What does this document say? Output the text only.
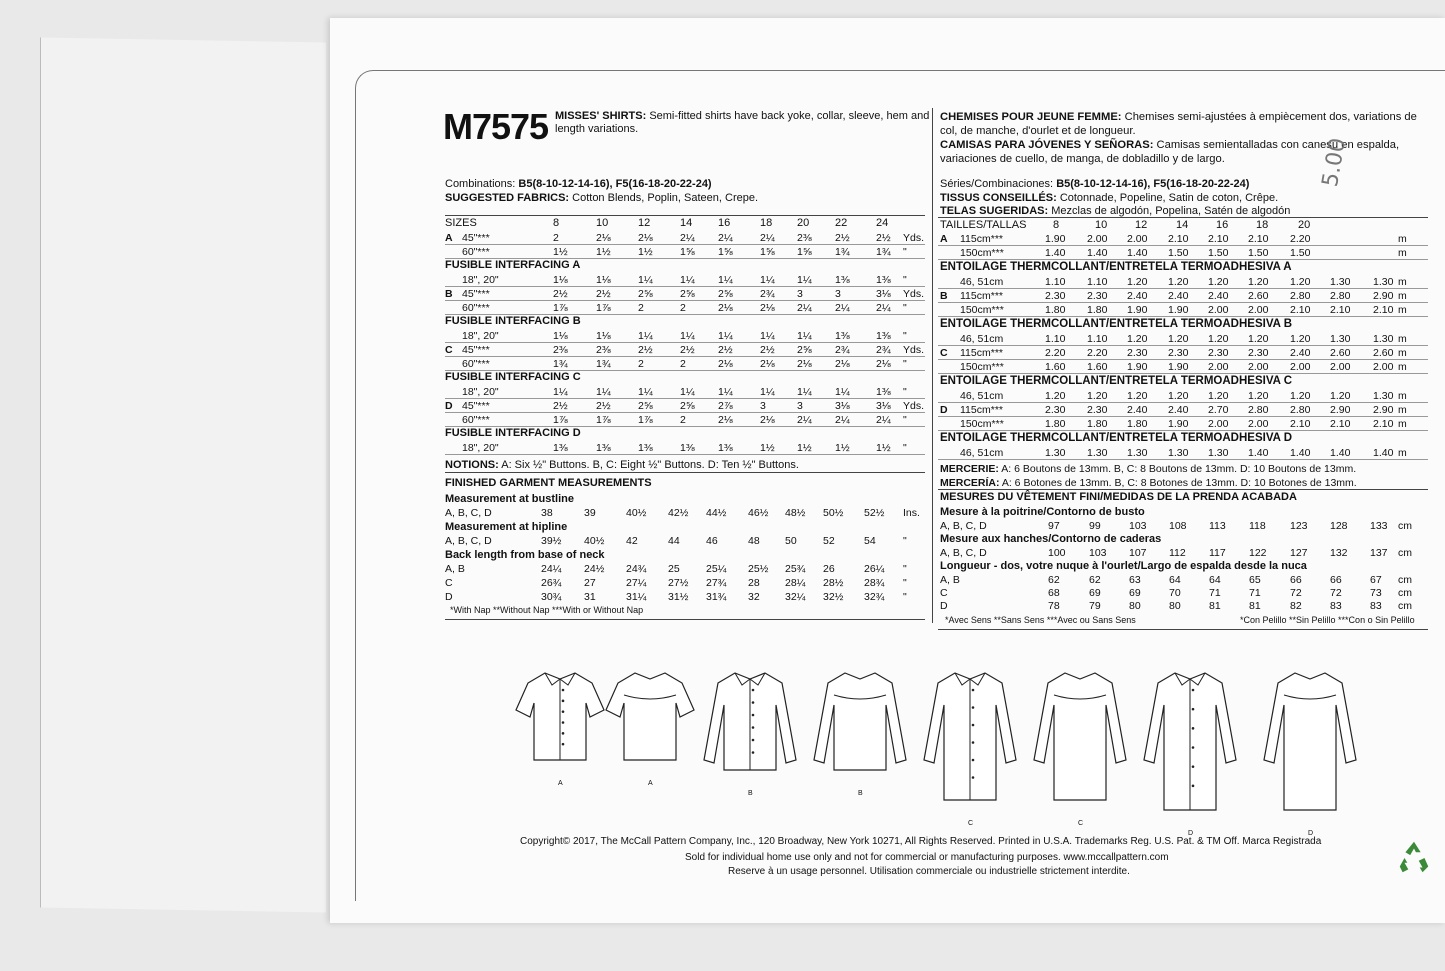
M7575 MISSES' SHIRTS: Semi-fitted shirts have back yoke, collar, sleeve, hem and length variations.
CHEMISES POUR JEUNE FEMME: Chemises semi-ajustées à empiècement dos, variations de col, de manche, d'ourlet et de longueur.
CAMISAS PARA JÓVENES Y SEÑORAS: Camisas semientalladas con canesú en espalda, variaciones de cuello, de manga, de dobladillo y de largo.
Combinations: B5(8-10-12-14-16), F5(16-18-20-22-24)
SUGGESTED FABRICS: Cotton Blends, Poplin, Sateen, Crepe.
Séries/Combinaciones: B5(8-10-12-14-16), F5(16-18-20-22-24)
TISSUS CONSEILLÉS: Cotonnade, Popeline, Satin de coton, Crêpe.
TELAS SUGERIDAS: Mezclas de algodón, Popelina, Satén de algodón
SIZES	8	10	12	14 16	18 20 22	24
A 45"***	2	2⅛	2⅛	2¼ 2¼	2¼ 2⅜ 2½	2½ Yds.
60"***	1½	1½	1½	1⅝ 1⅝	1⅝ 1⅝ 1¾	1¾ "
FUSIBLE INTERFACING A
18", 20"	1⅛	1⅛	1¼	1¼ 1¼	1¼ 1¼ 1⅜	1⅜ "
B 45"***	2½	2½	2⅝	2⅝ 2⅝	2¾ 3	3	3⅛ Yds.
60"***	1⅞	1⅞	2	2	2⅛	2⅛ 2¼ 2¼	2¼ "
FUSIBLE INTERFACING B
18", 20"	1⅛	1⅛	1¼	1¼ 1¼	1¼ 1¼ 1⅜	1⅜ "
C 45"***	2⅜	2⅜	2½	2½ 2½	2½ 2⅝ 2¾	2¾ Yds.
60"***	1¾	1¾	2	2	2⅛	2⅛ 2⅛ 2⅛	2⅛ "
FUSIBLE INTERFACING C
18", 20"	1¼	1¼	1¼	1¼ 1¼	1¼ 1¼ 1¼	1⅜ "
D 45"***	2½	2½	2⅝	2⅝ 2⅞	3	3	3⅛	3⅛ Yds.
60"***	1⅞	1⅞	1⅞	2	2⅛	2⅛ 2¼ 2¼	2¼ "
FUSIBLE INTERFACING D
18", 20"	1⅜	1⅜	1⅜	1⅜ 1⅜	1½ 1½ 1½	1½ "
NOTIONS: A: Six ½" Buttons. B, C: Eight ½" Buttons. D: Ten ½" Buttons.
FINISHED GARMENT MEASUREMENTS
Measurement at bustline
A, B, C, D	38	39	40½ 42½ 44½ 46½ 48½ 50½ 52½ Ins.
Measurement at hipline
A, B, C, D	39½ 40½ 42	44	46	48 50	52	54	"
Back length from base of neck
A, B	24¼ 24½ 24¾ 25	25¼ 25½ 25¾ 26	26¼ "
C	26¾ 27	27¼ 27½ 27¾ 28 28¼ 28½ 28¾ "
D	30¾ 31	31¼ 31½ 31¾ 32 32¼ 32½ 32¾ "
*With Nap **Without Nap ***With or Without Nap
TAILLES/TALLAS 8	10	12	14	16	18	20
A 115cm***	1.90 2.00 2.00 2.10 2.10 2.10 2.20	m
150cm***	1.40 1.40 1.40 1.50 1.50 1.50 1.50	m
ENTOILAGE THERMCOLLANT/ENTRETELA TERMOADHESIVA A
46, 51cm	1.10 1.10 1.20 1.20 1.20 1.20 1.20 1.30 1.30 m
B 115cm***	2.30 2.30 2.40 2.40 2.40 2.60 2.80 2.80 2.90 m
150cm***	1.80 1.80 1.90 1.90 2.00 2.00 2.10 2.10 2.10 m
ENTOILAGE THERMCOLLANT/ENTRETELA TERMOADHESIVA B
46, 51cm	1.10 1.10 1.20 1.20 1.20 1.20 1.20 1.30 1.30 m
C 115cm***	2.20 2.20 2.30 2.30 2.30 2.30 2.40 2.60 2.60 m
150cm***	1.60 1.60 1.90 1.90 2.00 2.00 2.00 2.00 2.00 m
ENTOILAGE THERMCOLLANT/ENTRETELA TERMOADHESIVA C
46, 51cm	1.20 1.20 1.20 1.20 1.20 1.20 1.20 1.20 1.30 m
D 115cm***	2.30 2.30 2.40 2.40 2.70 2.80 2.80 2.90 2.90 m
150cm***	1.80 1.80 1.80 1.90 2.00 2.00 2.10 2.10 2.10 m
ENTOILAGE THERMCOLLANT/ENTRETELA TERMOADHESIVA D
46, 51cm	1.30 1.30 1.30 1.30 1.30 1.40 1.40 1.40 1.40 m
MERCERIE: A: 6 Boutons de 13mm. B, C: 8 Boutons de 13mm. D: 10 Boutons de 13mm.
MERCERÍA: A: 6 Botones de 13mm. B, C: 8 Botones de 13mm. D: 10 Botones de 13mm.
MESURES DU VÊTEMENT FINI/MEDIDAS DE LA PRENDA ACABADA
Mesure à la poitrine/Contorno de busto
A, B, C, D	97	99	103 108 113 118 123 128 133 cm
Mesure aux hanches/Contorno de caderas
A, B, C, D	100 103 107 112 117 122 127 132 137 cm
Longueur - dos, votre nuque à l'ourlet/Largo de espalda desde la nuca
A, B	62	62	63	64	64	65	66	66	67 cm
C	68	69	69	70	71	71	72	72	73 cm
D	78	79	80	80	81	81	82	83	83 cm
*Avec Sens **Sans Sens ***Avec ou Sans Sens	*Con Pelillo **Sin Pelillo ***Con o Sin Pelillo
5.00
A	A
B	B
C	C
D	D
Copyright© 2017, The McCall Pattern Company, Inc., 120 Broadway, New York 10271, All Rights Reserved. Printed in U.S.A. Trademarks Reg. U.S. Pat. & TM Off. Marca Registrada
Sold for individual home use only and not for commercial or manufacturing purposes. www.mccallpattern.com
Reserve à un usage personnel. Utilisation commerciale ou industrielle strictement interdite.
